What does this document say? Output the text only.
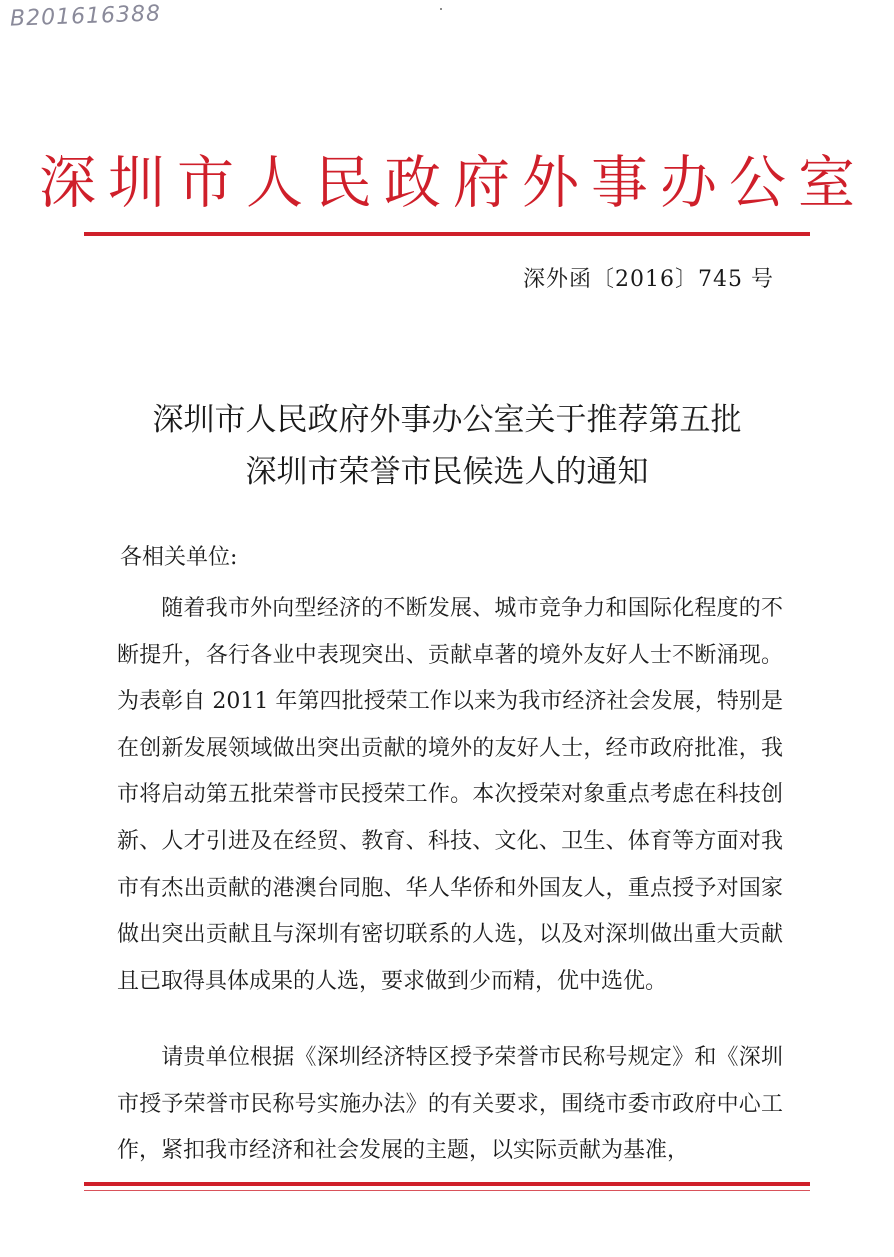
B201616388
深圳市人民政府外事办公室
深外函〔2016〕745 号
深圳市人民政府外事办公室关于推荐第五批
深圳市荣誉市民候选人的通知
各相关单位:

随着我市外向型经济的不断发展、城市竞争力和国际化程度的不断提升，各行各业中表现突出、贡献卓著的境外友好人士不断涌现。为表彰自 2011 年第四批授荣工作以来为我市经济社会发展，特别是在创新发展领域做出突出贡献的境外的友好人士，经市政府批准，我市将启动第五批荣誉市民授荣工作。本次授荣对象重点考虑在科技创新、人才引进及在经贸、教育、科技、文化、卫生、体育等方面对我市有杰出贡献的港澳台同胞、华人华侨和外国友人，重点授予对国家做出突出贡献且与深圳有密切联系的人选，以及对深圳做出重大贡献且已取得具体成果的人选，要求做到少而精，优中选优。

请贵单位根据《深圳经济特区授予荣誉市民称号规定》和《深圳市授予荣誉市民称号实施办法》的有关要求，围绕市委市政府中心工作，紧扣我市经济和社会发展的主题，以实际贡献为基准，
